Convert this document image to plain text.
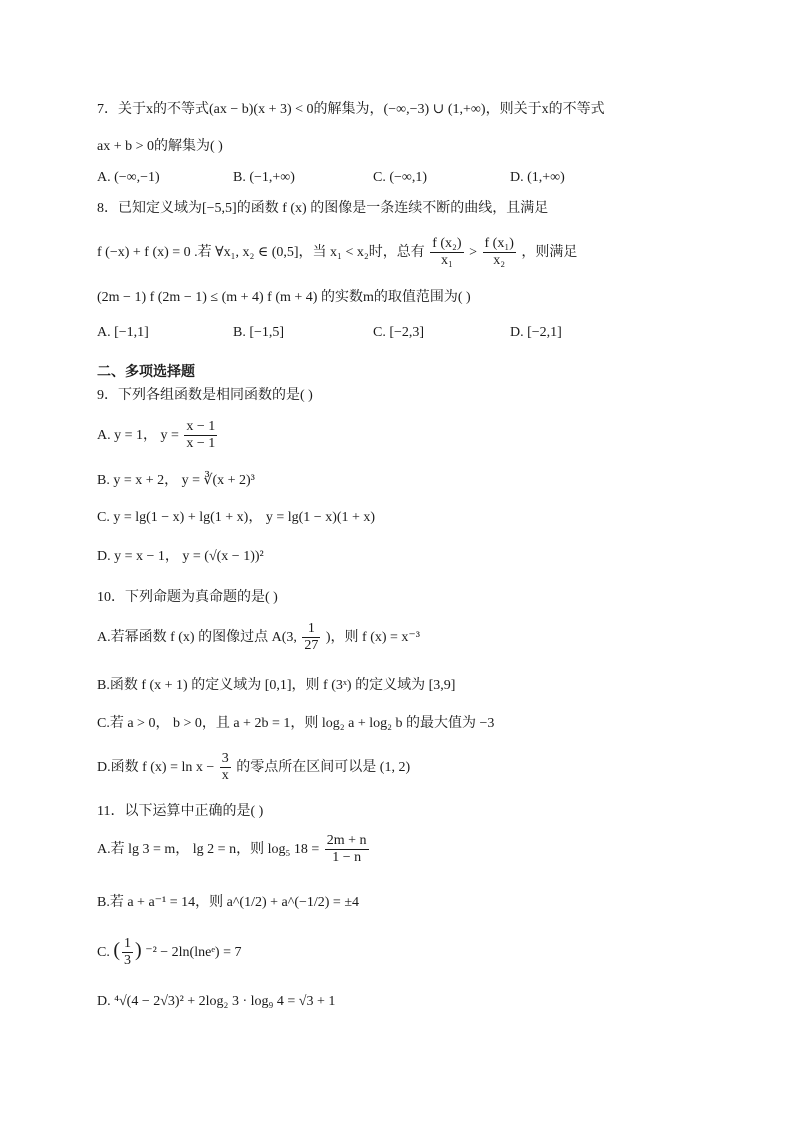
7．关于x的不等式(ax − b)(x + 3) < 0的解集为，(−∞,−3) ∪ (1,+∞)，则关于x的不等式
ax + b > 0的解集为( )
A. (−∞,−1)	B. (−1,+∞)	C. (−∞,1)	D. (1,+∞)
8．已知定义域为[−5,5]的函数 f (x) 的图像是一条连续不断的曲线，且满足
f (−x) + f (x) = 0 .若 ∀x₁, x₂ ∈ (0,5]，当 x₁ < x₂时，总有 $\frac{\text{f (x₂)}}{\text{x₁}} > \frac{\text{f (x₁)}}{\text{x₂}}$ ，则满足
(2m − 1) f (2m − 1) ≤ (m + 4) f (m + 4) 的实数m的取值范围为( )
A. [−1,1]	B. [−1,5]	C. [−2,3]	D. [−2,1]
二、多项选择题
9．下列各组函数是相同函数的是( )
A. y = 1， $y = \frac{x - 1}{x - 1}$
B. y = x + 2， y = ∛(x + 2)³
C. y = lg(1 − x) + lg(1 + x)， y = lg(1 − x)(1 + x)
D. y = x − 1， y = (√(x − 1))²
10．下列命题为真命题的是( )
A.若幂函数 f (x) 的图像过点 A(3, $\frac{1}{27}$ )，则 f (x) = x⁻³
B.函数 f (x + 1) 的定义域为 [0,1]，则 f (3ˣ) 的定义域为 [3,9]
C.若 a > 0， b > 0，且 a + 2b = 1，则 log₂ a + log₂ b 的最大值为 −3
D.函数 f $(x) = \ln x - \frac{3}{x}$ 的零点所在区间可以是 (1, 2)
11．以下运算中正确的是( )
A.若 lg 3 = m， lg 2 = n，则 log₅ $18 = \frac{2m + n}{1 - n}$
B.若 a + a⁻¹ = 14，则 a^(1/2) + a^(−1/2) = ±4
C. ( $\frac{1}{3}$ ) ⁻² − 2ln(lneᵉ) = 7
D. ⁴√(4 − 2√3)² + 2log₂ 3 · log₉ 4 = √3 + 1
